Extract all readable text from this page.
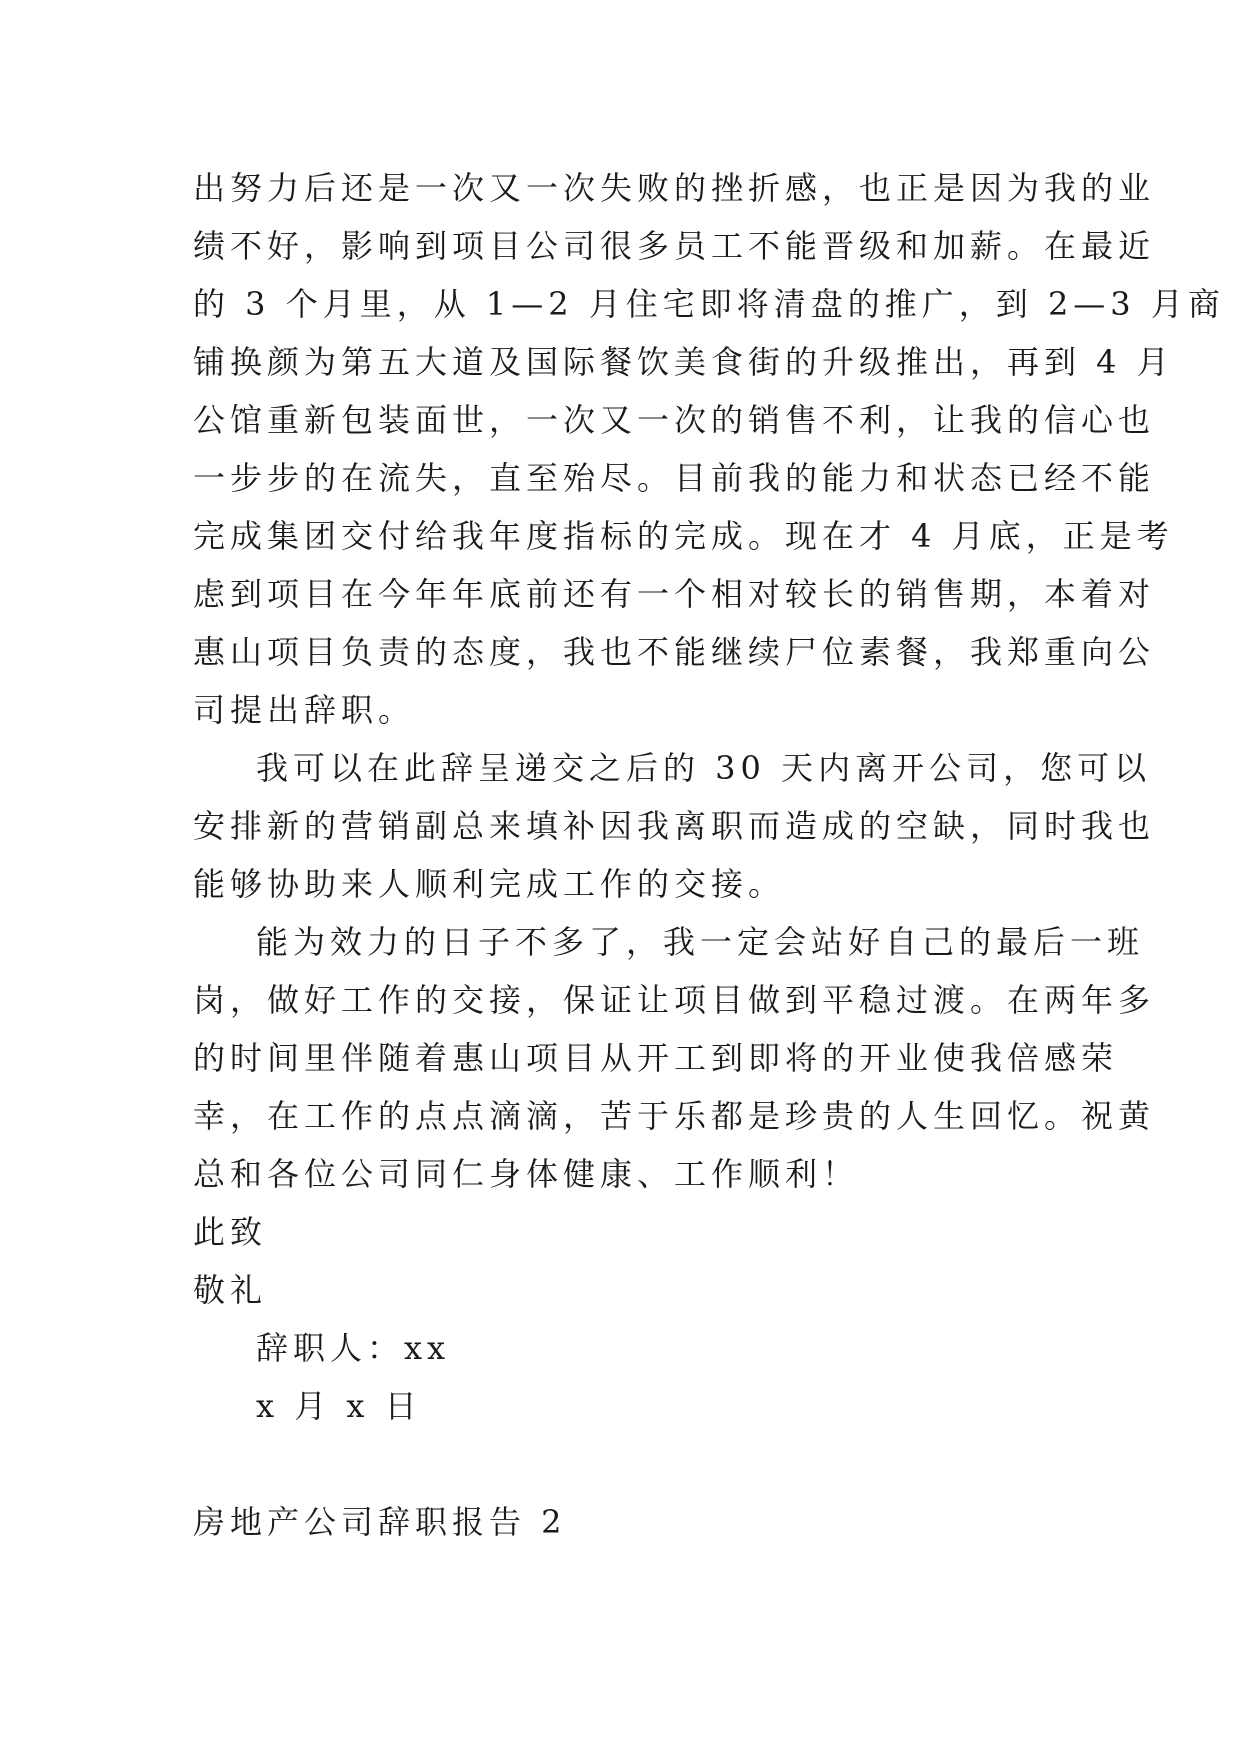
出努力后还是一次又一次失败的挫折感，也正是因为我的业
绩不好，影响到项目公司很多员工不能晋级和加薪。在最近
的 3 个月里，从 1—2 月住宅即将清盘的推广，到 2—3 月商
铺换颜为第五大道及国际餐饮美食街的升级推出，再到 4 月
公馆重新包装面世，一次又一次的销售不利，让我的信心也
一步步的在流失，直至殆尽。目前我的能力和状态已经不能
完成集团交付给我年度指标的完成。现在才 4 月底，正是考
虑到项目在今年年底前还有一个相对较长的销售期，本着对
惠山项目负责的态度，我也不能继续尸位素餐，我郑重向公
司提出辞职。
我可以在此辞呈递交之后的 30 天内离开公司，您可以
安排新的营销副总来填补因我离职而造成的空缺，同时我也
能够协助来人顺利完成工作的交接。
能为效力的日子不多了，我一定会站好自己的最后一班
岗，做好工作的交接，保证让项目做到平稳过渡。在两年多
的时间里伴随着惠山项目从开工到即将的开业使我倍感荣
幸，在工作的点点滴滴，苦于乐都是珍贵的人生回忆。祝黄
总和各位公司同仁身体健康、工作顺利！
此致
敬礼
辞职人：xx
x 月 x 日
房地产公司辞职报告 2
